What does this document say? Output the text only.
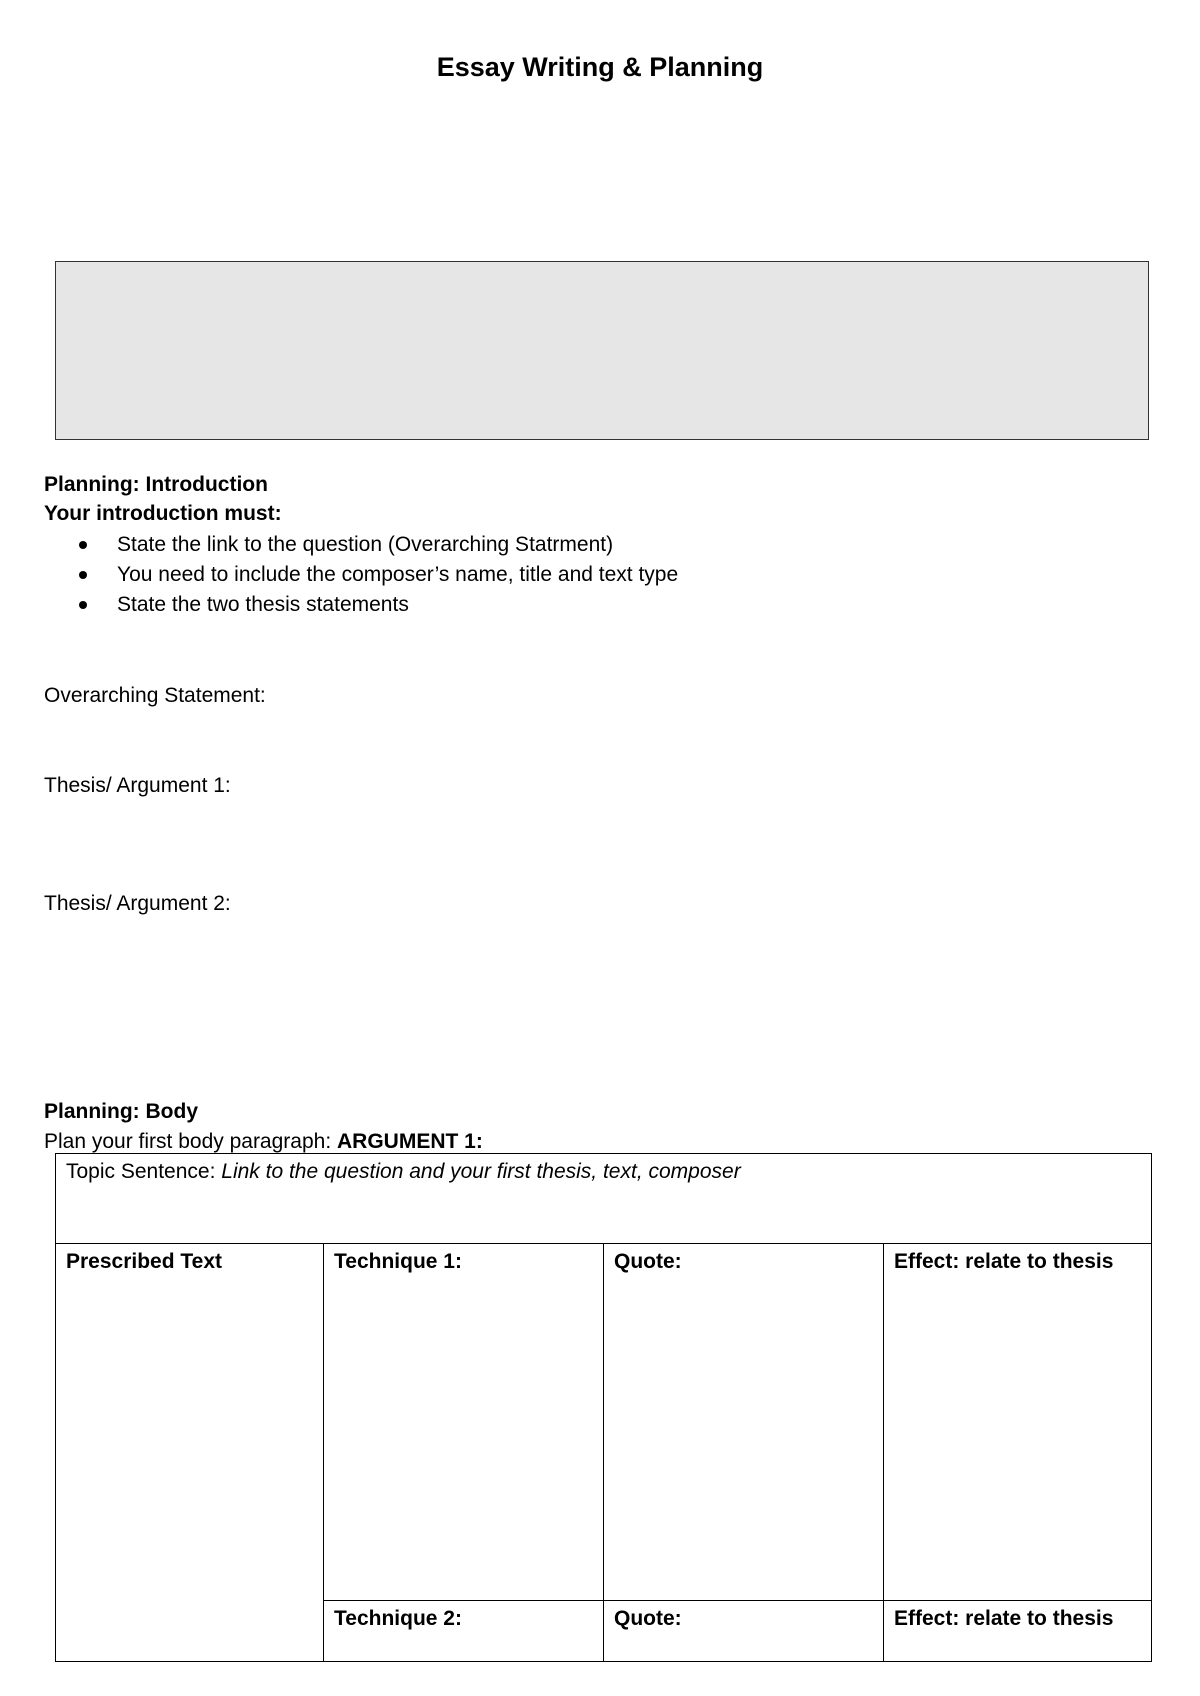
Essay Writing & Planning
Planning: Introduction
Your introduction must:
State the link to the question (Overarching Statrment)
You need to include the composer’s name, title and text type
State the two thesis statements
Overarching Statement:
Thesis/ Argument 1:
Thesis/ Argument 2:
Planning: Body
Plan your first body paragraph: ARGUMENT 1:
Topic Sentence: Link to the question and your first thesis, text, composer			
Prescribed Text	Technique 1:	Quote:	Effect: relate to thesis
	Technique 2:	Quote:	Effect: relate to thesis
